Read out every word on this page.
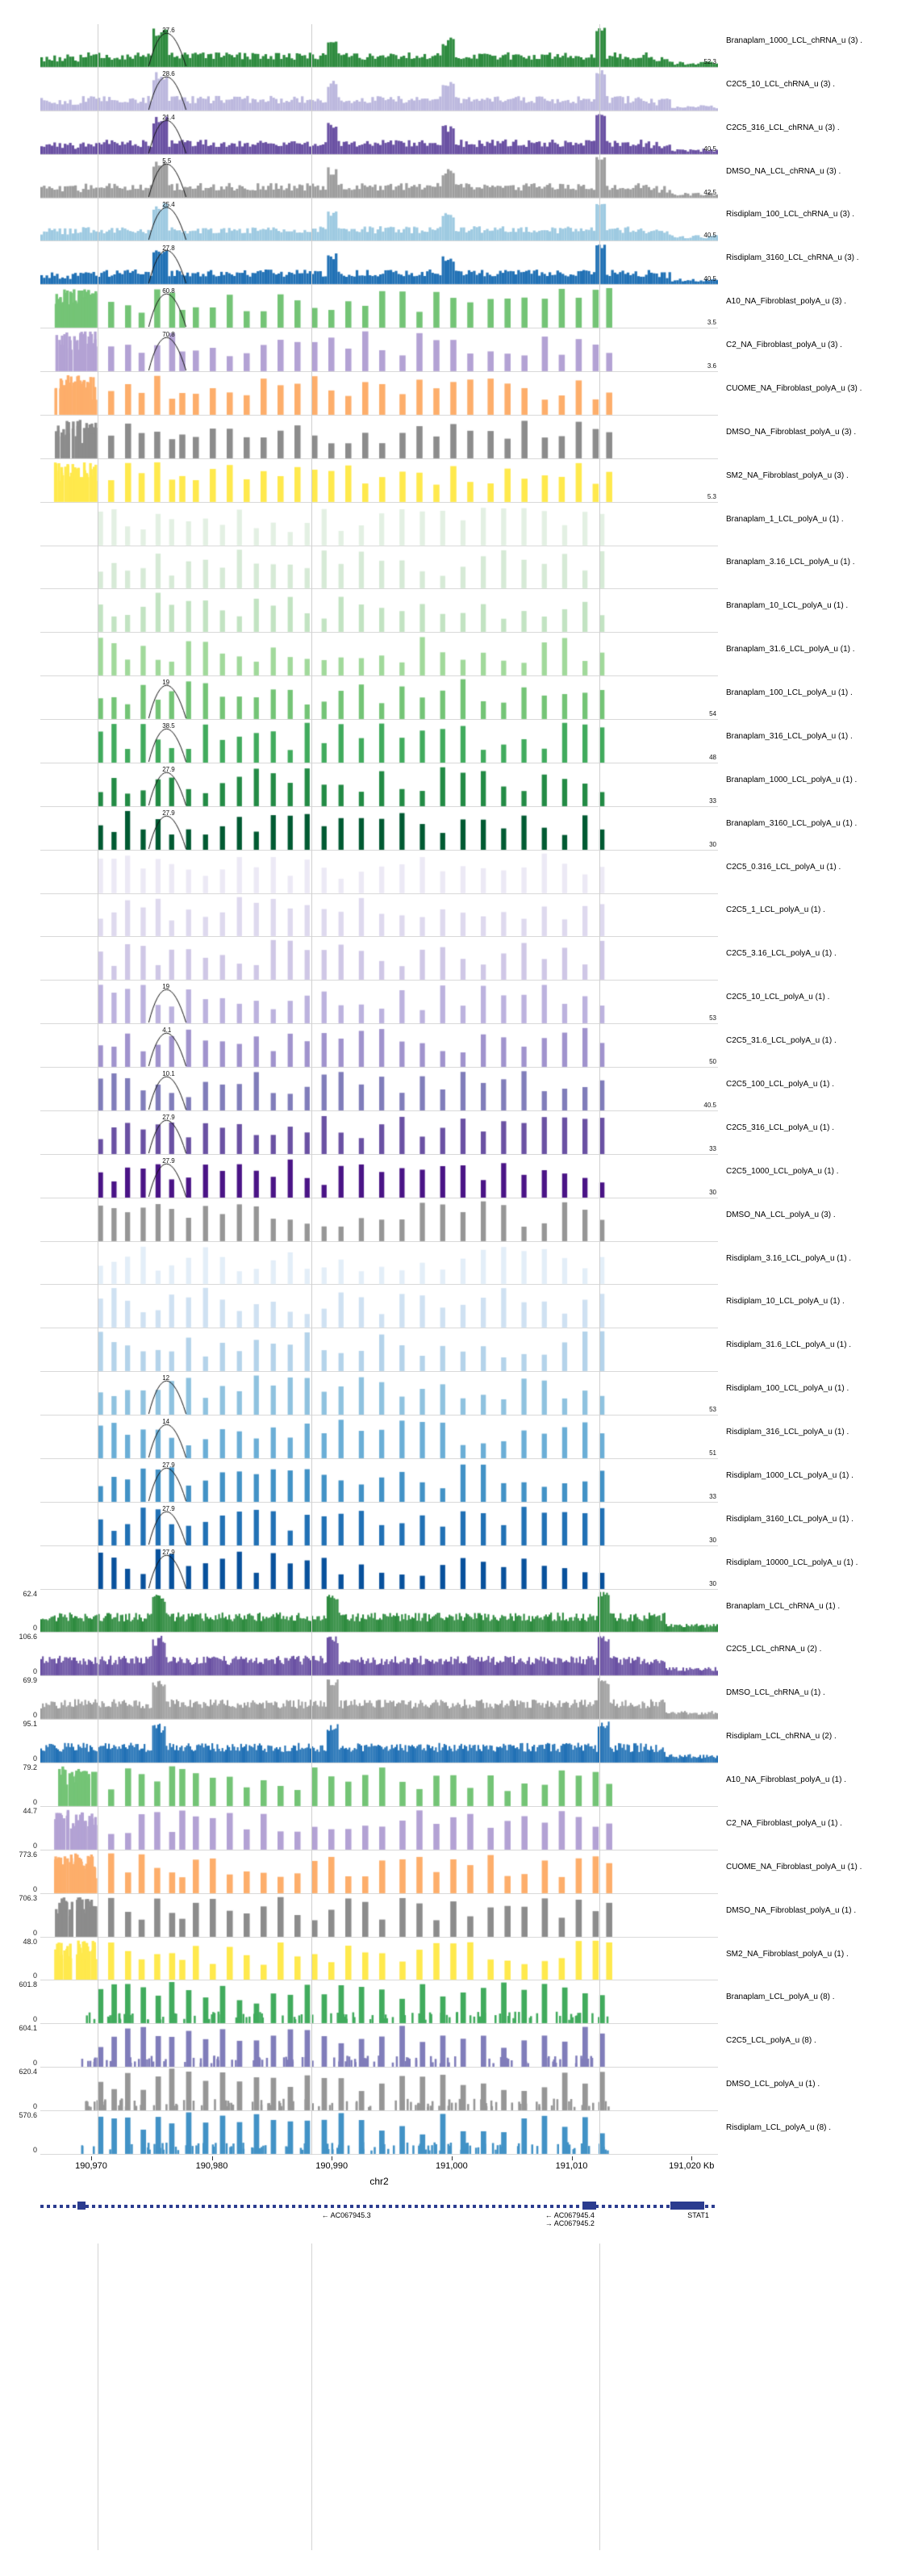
27.6
52.3
28.6
21.4
40.5
5.5
42.5
25.4
40.5
27.8
40.5
60.8
3.5
70.8
3.6
5.3
19
54
38.5
48
27.9
33
27.9
30
19
53
4.1
50
10.1
40.5
27.9
33
27.9
30
12
53
14
51
27.9
33
27.9
30
27.9
30
62.4
0
106.6
0
69.9
0
95.1
0
79.2
0
44.7
0
773.6
0
706.3
0
48.0
0
601.8
0
604.1
0
620.4
0
570.6
0
Branaplam_1000_LCL_chRNA_u (3) .
C2C5_10_LCL_chRNA_u (3) .
C2C5_316_LCL_chRNA_u (3) .
DMSO_NA_LCL_chRNA_u (3) .
Risdiplam_100_LCL_chRNA_u (3) .
Risdiplam_3160_LCL_chRNA_u (3) .
A10_NA_Fibroblast_polyA_u (3) .
C2_NA_Fibroblast_polyA_u (3) .
CUOME_NA_Fibroblast_polyA_u (3) .
DMSO_NA_Fibroblast_polyA_u (3) .
SM2_NA_Fibroblast_polyA_u (3) .
Branaplam_1_LCL_polyA_u (1) .
Branaplam_3.16_LCL_polyA_u (1) .
Branaplam_10_LCL_polyA_u (1) .
Branaplam_31.6_LCL_polyA_u (1) .
Branaplam_100_LCL_polyA_u (1) .
Branaplam_316_LCL_polyA_u (1) .
Branaplam_1000_LCL_polyA_u (1) .
Branaplam_3160_LCL_polyA_u (1) .
C2C5_0.316_LCL_polyA_u (1) .
C2C5_1_LCL_polyA_u (1) .
C2C5_3.16_LCL_polyA_u (1) .
C2C5_10_LCL_polyA_u (1) .
C2C5_31.6_LCL_polyA_u (1) .
C2C5_100_LCL_polyA_u (1) .
C2C5_316_LCL_polyA_u (1) .
C2C5_1000_LCL_polyA_u (1) .
DMSO_NA_LCL_polyA_u (3) .
Risdiplam_3.16_LCL_polyA_u (1) .
Risdiplam_10_LCL_polyA_u (1) .
Risdiplam_31.6_LCL_polyA_u (1) .
Risdiplam_100_LCL_polyA_u (1) .
Risdiplam_316_LCL_polyA_u (1) .
Risdiplam_1000_LCL_polyA_u (1) .
Risdiplam_3160_LCL_polyA_u (1) .
Risdiplam_10000_LCL_polyA_u (1) .
Branaplam_LCL_chRNA_u (1) .
C2C5_LCL_chRNA_u (2) .
DMSO_LCL_chRNA_u (1) .
Risdiplam_LCL_chRNA_u (2) .
A10_NA_Fibroblast_polyA_u (1) .
C2_NA_Fibroblast_polyA_u (1) .
CUOME_NA_Fibroblast_polyA_u (1) .
DMSO_NA_Fibroblast_polyA_u (1) .
SM2_NA_Fibroblast_polyA_u (1) .
Branaplam_LCL_polyA_u (8) .
C2C5_LCL_polyA_u (8) .
DMSO_LCL_polyA_u (1) .
Risdiplam_LCL_polyA_u (8) .
chr2
190,970	190,980	190,990	191,000	191,010	191,020 Kb
← AC067945.3	← AC067945.4
→ AC067945.2
STAT1
